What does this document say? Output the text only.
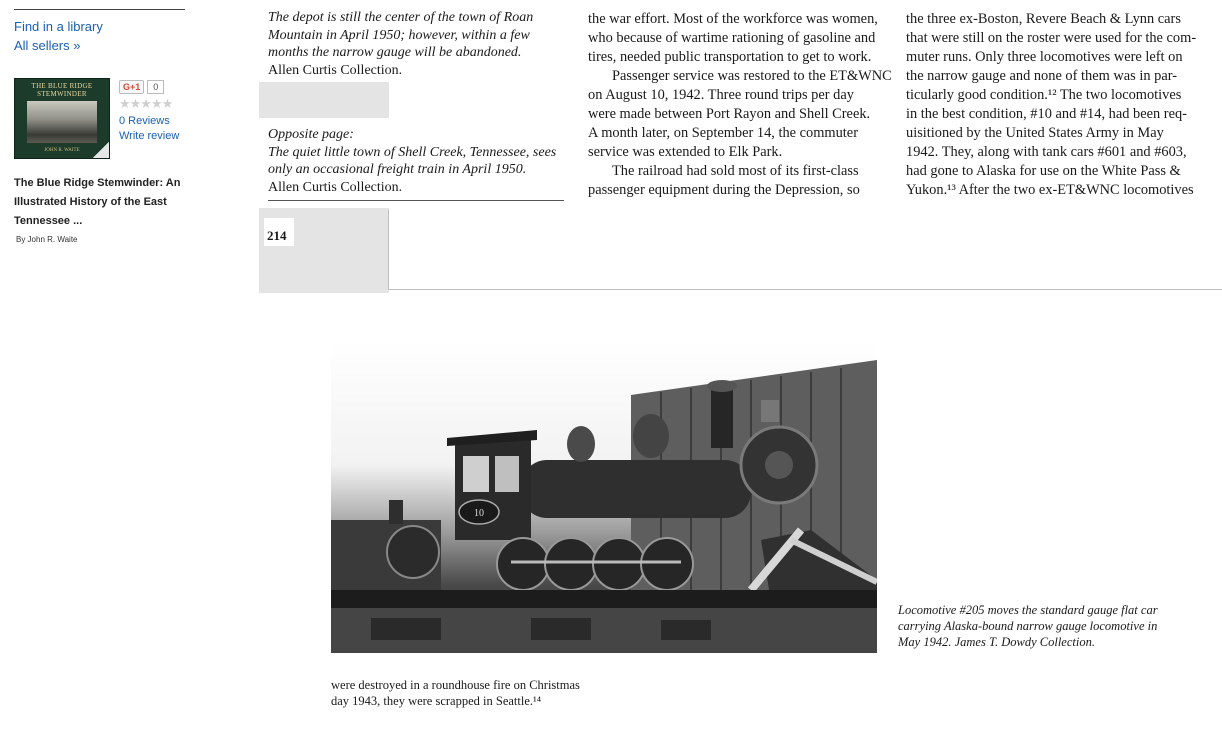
Find in a library
All sellers »
THE BLUE RIDGE
STEMWINDER
JOHN R. WAITE
G+1	0
★★★★★
0 Reviews
Write review
The Blue Ridge Stemwinder: An Illustrated History of the East Tennessee ...
By John R. Waite
The depot is still the center of the town of Roan
Mountain in April 1950; however, within a few
months the narrow gauge will be abandoned.
Allen Curtis Collection.
Opposite page:
The quiet little town of Shell Creek, Tennessee, sees
only an occasional freight train in April 1950.
Allen Curtis Collection.
214

the war effort. Most of the workforce was women,

who because of wartime rationing of gasoline and

tires, needed public transportation to get to work.

Passenger service was restored to the ET&WNC

on August 10, 1942. Three round trips per day

were made between Port Rayon and Shell Creek.

A month later, on September 14, the commuter

service was extended to Elk Park.

The railroad had sold most of its first-class

passenger equipment during the Depression, so

the three ex-Boston, Revere Beach & Lynn cars

that were still on the roster were used for the com-

muter runs. Only three locomotives were left on

the narrow gauge and none of them was in par-

ticularly good condition.¹² The two locomotives

in the best condition, #10 and #14, had been req-

uisitioned by the United States Army in May

1942. They, along with tank cars #601 and #603,

had gone to Alaska for use on the White Pass &

Yukon.¹³ After the two ex-ET&WNC locomotives

10
Locomotive #205 moves the standard gauge flat car
carrying Alaska-bound narrow gauge locomotive in
May 1942. James T. Dowdy Collection.
were destroyed in a roundhouse fire on Christmas
day 1943, they were scrapped in Seattle.¹⁴
